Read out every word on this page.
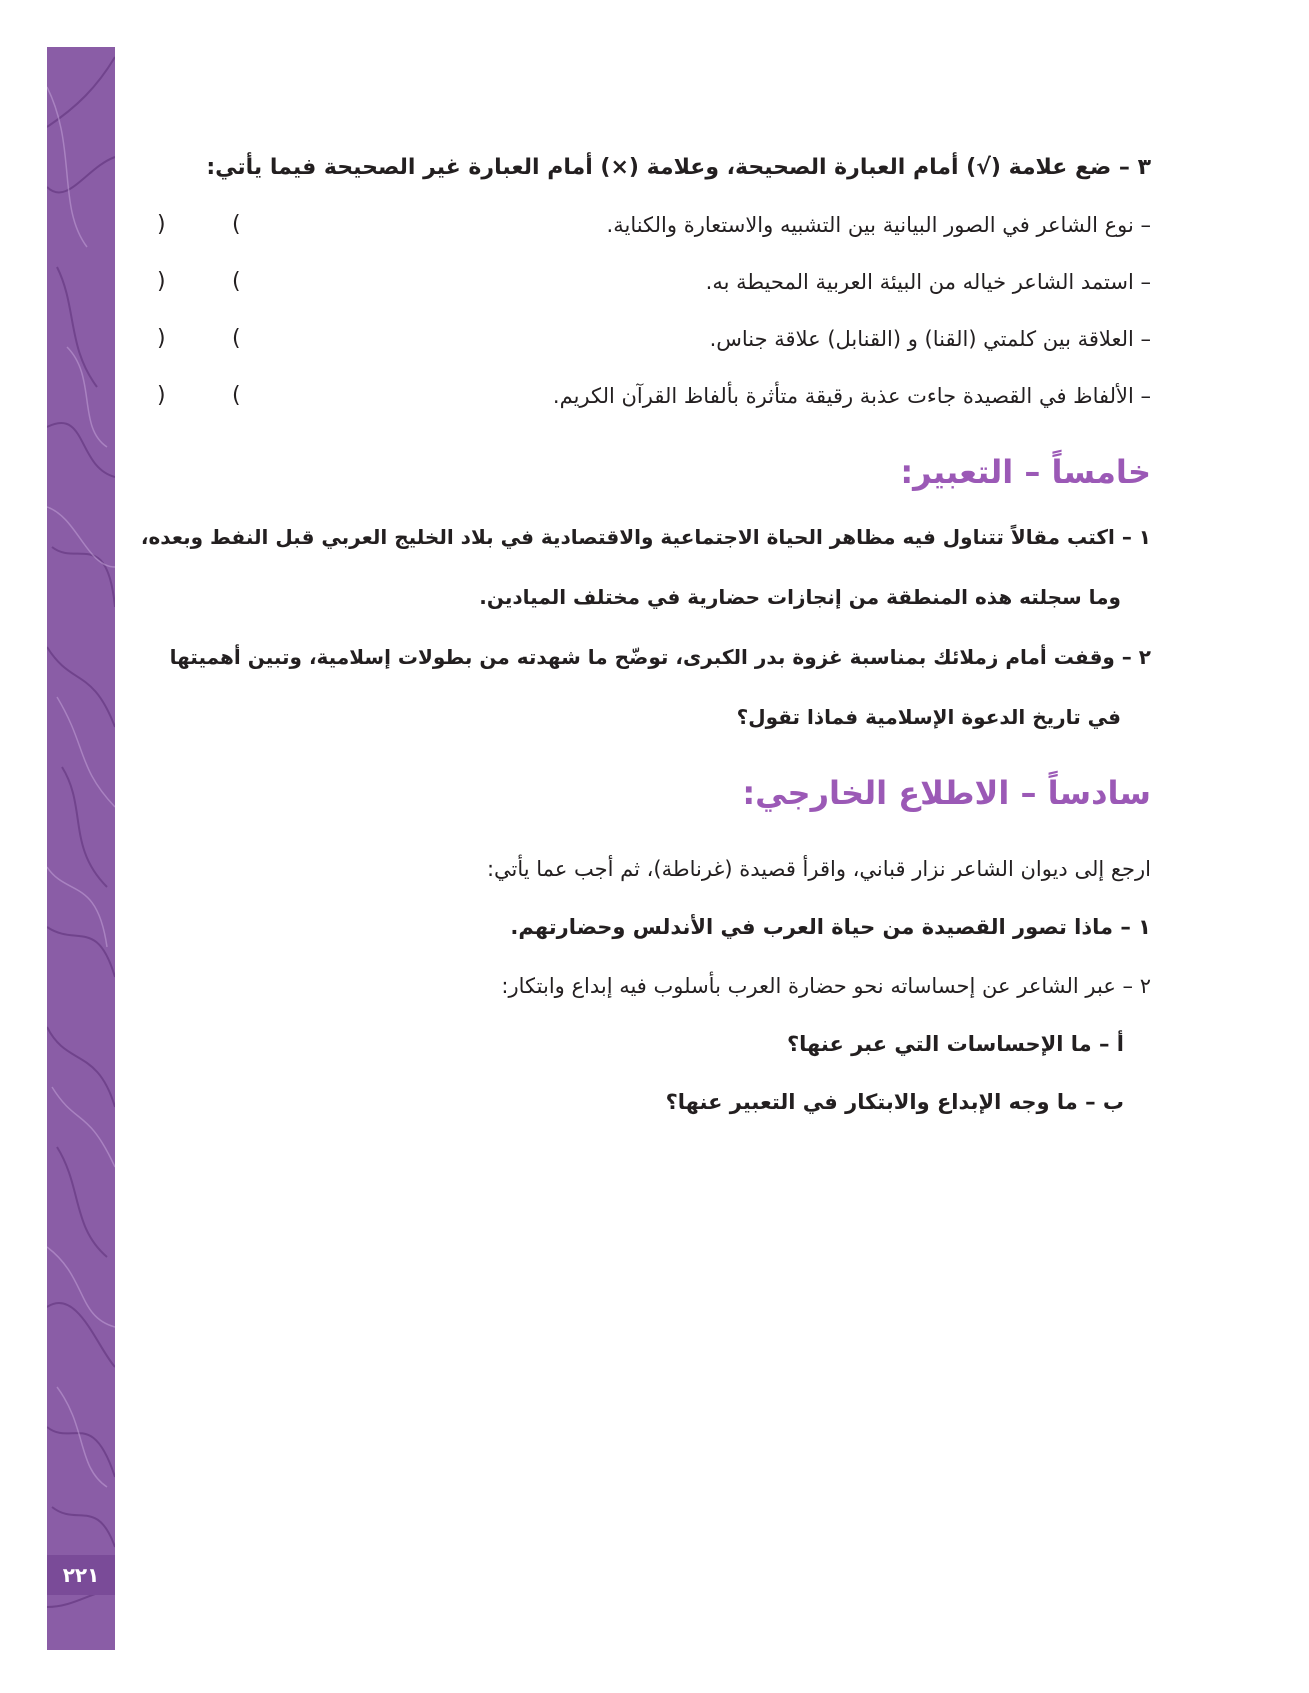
٢٢١
٣ – ضع علامة (√) أمام العبارة الصحيحة، وعلامة (×) أمام العبارة غير الصحيحة فيما يأتي:
– نوع الشاعر في الصور البيانية بين التشبيه والاستعارة والكناية.
(
)
– استمد الشاعر خياله من البيئة العربية المحيطة به.
(
)
– العلاقة بين كلمتي (القنا) و (القنابل) علاقة جناس.
(
)
– الألفاظ في القصيدة جاءت عذبة رقيقة متأثرة بألفاظ القرآن الكريم.
(
)
خامساً – التعبير:
١ – اكتب مقالاً تتناول فيه مظاهر الحياة الاجتماعية والاقتصادية في بلاد الخليج العربي قبل النفط وبعده،
وما سجلته هذه المنطقة من إنجازات حضارية في مختلف الميادين.
٢ – وقفت أمام زملائك بمناسبة غزوة بدر الكبرى، توضّح ما شهدته من بطولات إسلامية، وتبين أهميتها
في تاريخ الدعوة الإسلامية فماذا تقول؟
سادساً – الاطلاع الخارجي:
ارجع إلى ديوان الشاعر نزار قباني، واقرأ قصيدة (غرناطة)، ثم أجب عما يأتي:
١ – ماذا تصور القصيدة من حياة العرب في الأندلس وحضارتهم.
٢ – عبر الشاعر عن إحساساته نحو حضارة العرب بأسلوب فيه إبداع وابتكار:
أ – ما الإحساسات التي عبر عنها؟
ب – ما وجه الإبداع والابتكار في التعبير عنها؟
